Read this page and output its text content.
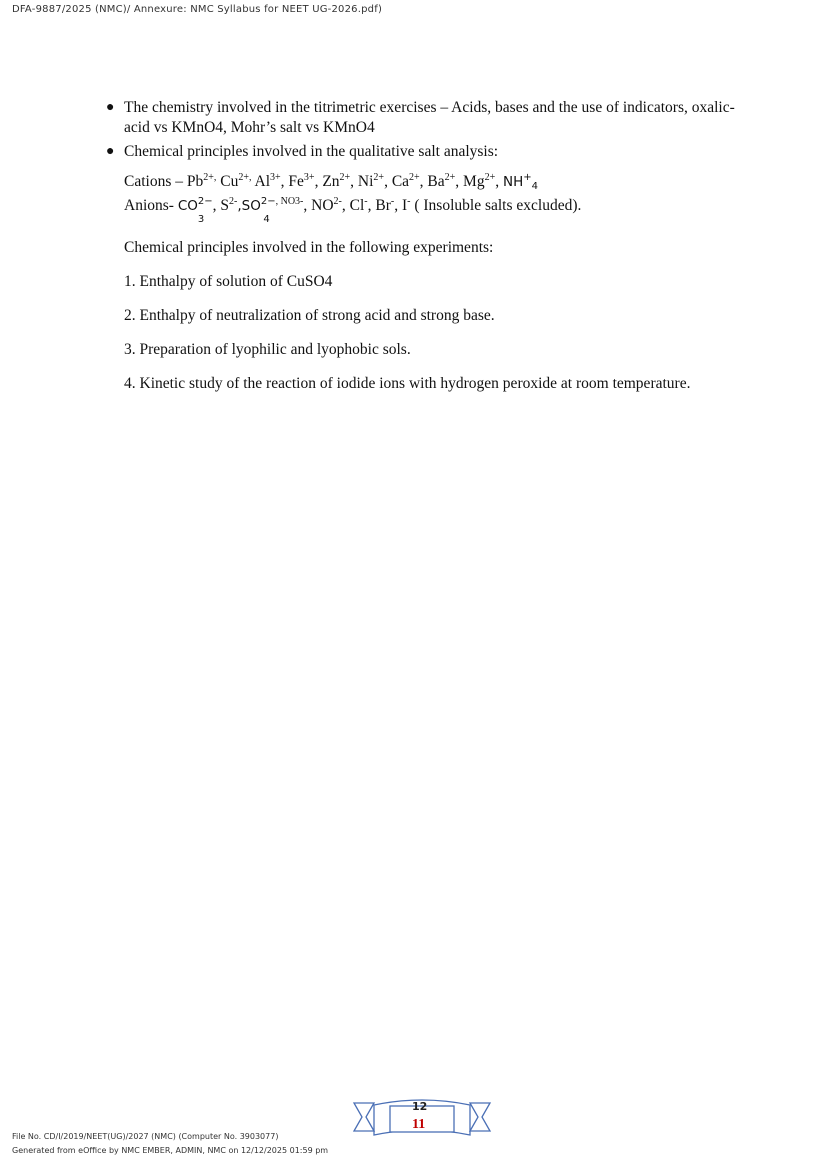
DFA-9887/2025 (NMC)/ Annexure: NMC Syllabus for NEET UG-2026.pdf)
● The chemistry involved in the titrimetric exercises – Acids, bases and the use of indicators, oxalic-
acid vs KMnO4, Mohr’s salt vs KMnO4
● Chemical principles involved in the qualitative salt analysis:
Cations – $Pb^{2+,}$ $Cu^{2+,}$ $Al^{3+}$, $Fe^{3+}$, $Zn^{2+}$, $Ni^{2+}$, $Ca^{2+}$, $Ba^{2+}$, $Mg^{2+}$, $NH^+_4$
Anions- $CO^{2-}$
3
, $S^{2-},SO^{2-}$
4
$^{, NO3-}$, $NO^{2-}$, Cl-, Br-, I- ( Insoluble salts excluded).
Chemical principles involved in the following experiments:
1. Enthalpy of solution of CuSO4
2. Enthalpy of neutralization of strong acid and strong base.
3. Preparation of lyophilic and lyophobic sols.
4. Kinetic study of the reaction of iodide ions with hydrogen peroxide at room temperature.
12
11
File No. CD/I/2019/NEET(UG)/2027 (NMC) (Computer No. 3903077)
Generated from eOffice by NMC EMBER, ADMIN, NMC on 12/12/2025 01:59 pm
